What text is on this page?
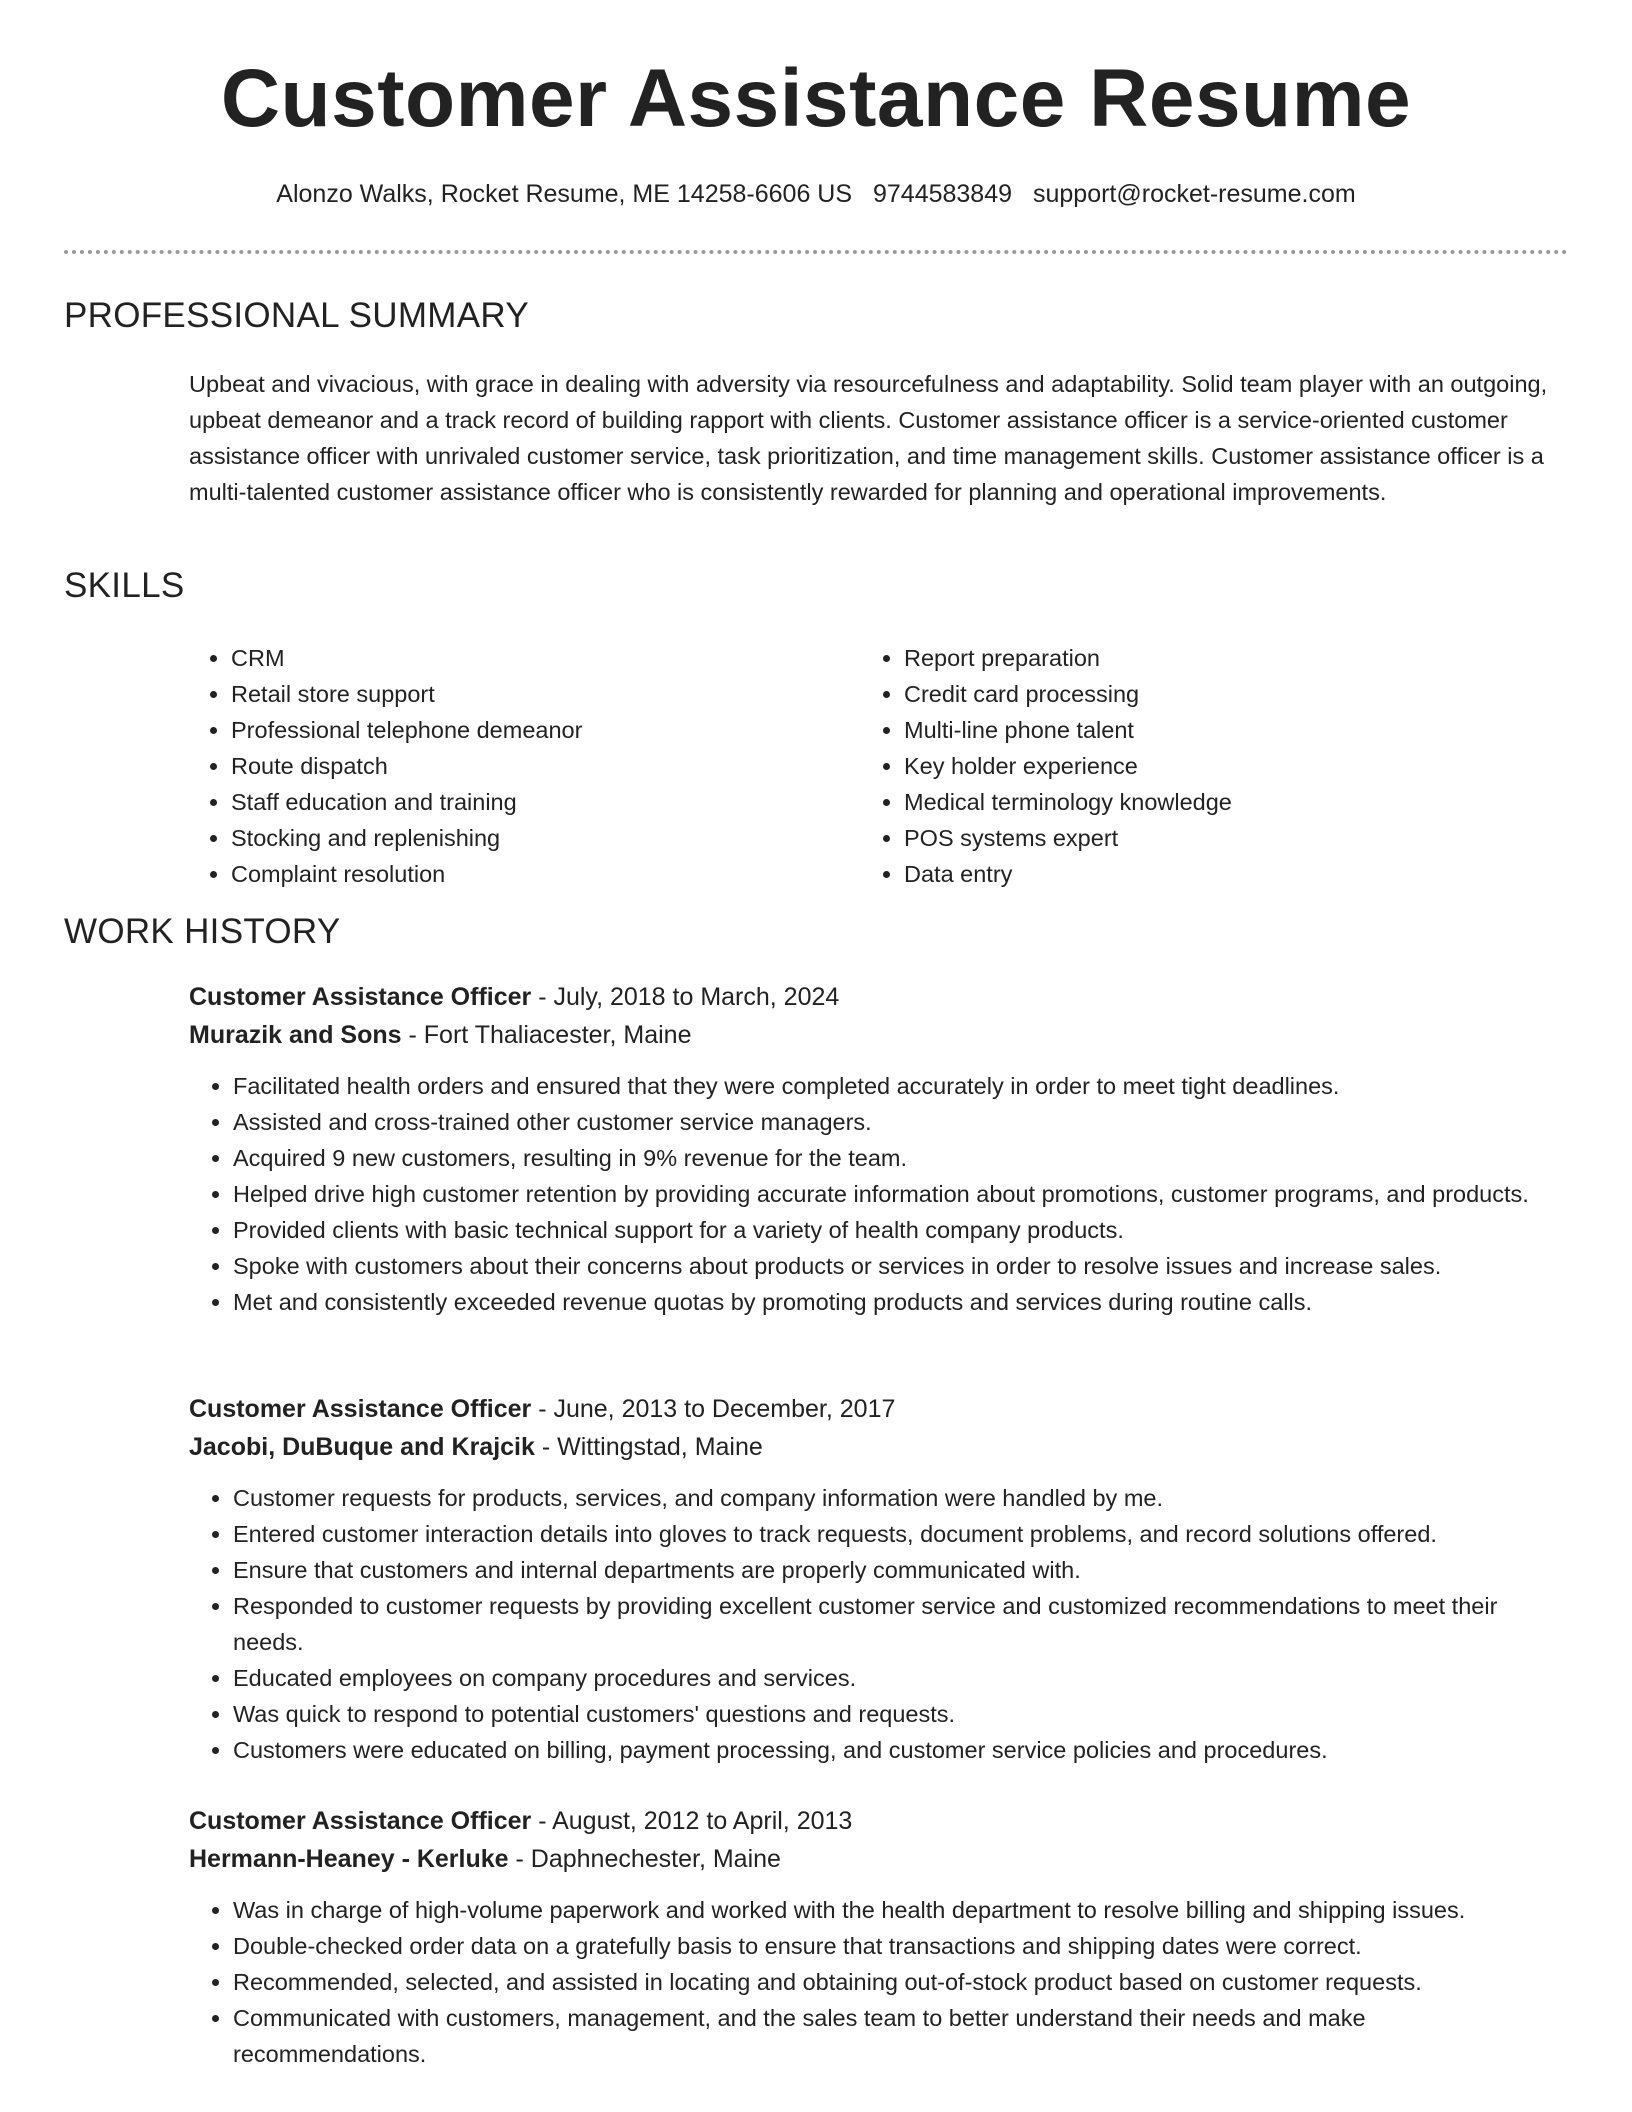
Customer Assistance Resume
Alonzo Walks, Rocket Resume, ME 14258-6606 US 9744583849 support@rocket-resume.com
PROFESSIONAL SUMMARY

Upbeat and vivacious, with grace in dealing with adversity via resourcefulness and adaptability. Solid team player with an outgoing, upbeat demeanor and a track record of building rapport with clients. Customer assistance officer is a service-oriented customer assistance officer with unrivaled customer service, task prioritization, and time management skills. Customer assistance officer is a multi-talented customer assistance officer who is consistently rewarded for planning and operational improvements.

SKILLS
• CRM
• Retail store support
• Professional telephone demeanor
• Route dispatch
• Staff education and training
• Stocking and replenishing
• Complaint resolution
• Report preparation
• Credit card processing
• Multi-line phone talent
• Key holder experience
• Medical terminology knowledge
• POS systems expert
• Data entry
WORK HISTORY
Customer Assistance Officer - July, 2018 to March, 2024
Murazik and Sons - Fort Thaliacester, Maine
• Facilitated health orders and ensured that they were completed accurately in order to meet tight deadlines.
• Assisted and cross-trained other customer service managers.
• Acquired 9 new customers, resulting in 9% revenue for the team.
• Helped drive high customer retention by providing accurate information about promotions, customer programs, and products.
• Provided clients with basic technical support for a variety of health company products.
• Spoke with customers about their concerns about products or services in order to resolve issues and increase sales.
• Met and consistently exceeded revenue quotas by promoting products and services during routine calls.
Customer Assistance Officer - June, 2013 to December, 2017
Jacobi, DuBuque and Krajcik - Wittingstad, Maine
• Customer requests for products, services, and company information were handled by me.
• Entered customer interaction details into gloves to track requests, document problems, and record solutions offered.
• Ensure that customers and internal departments are properly communicated with.
• Responded to customer requests by providing excellent customer service and customized recommendations to meet their needs.
• Educated employees on company procedures and services.
• Was quick to respond to potential customers' questions and requests.
• Customers were educated on billing, payment processing, and customer service policies and procedures.
Customer Assistance Officer - August, 2012 to April, 2013
Hermann-Heaney - Kerluke - Daphnechester, Maine
• Was in charge of high-volume paperwork and worked with the health department to resolve billing and shipping issues.
• Double-checked order data on a gratefully basis to ensure that transactions and shipping dates were correct.
• Recommended, selected, and assisted in locating and obtaining out-of-stock product based on customer requests.
• Communicated with customers, management, and the sales team to better understand their needs and make recommendations.
